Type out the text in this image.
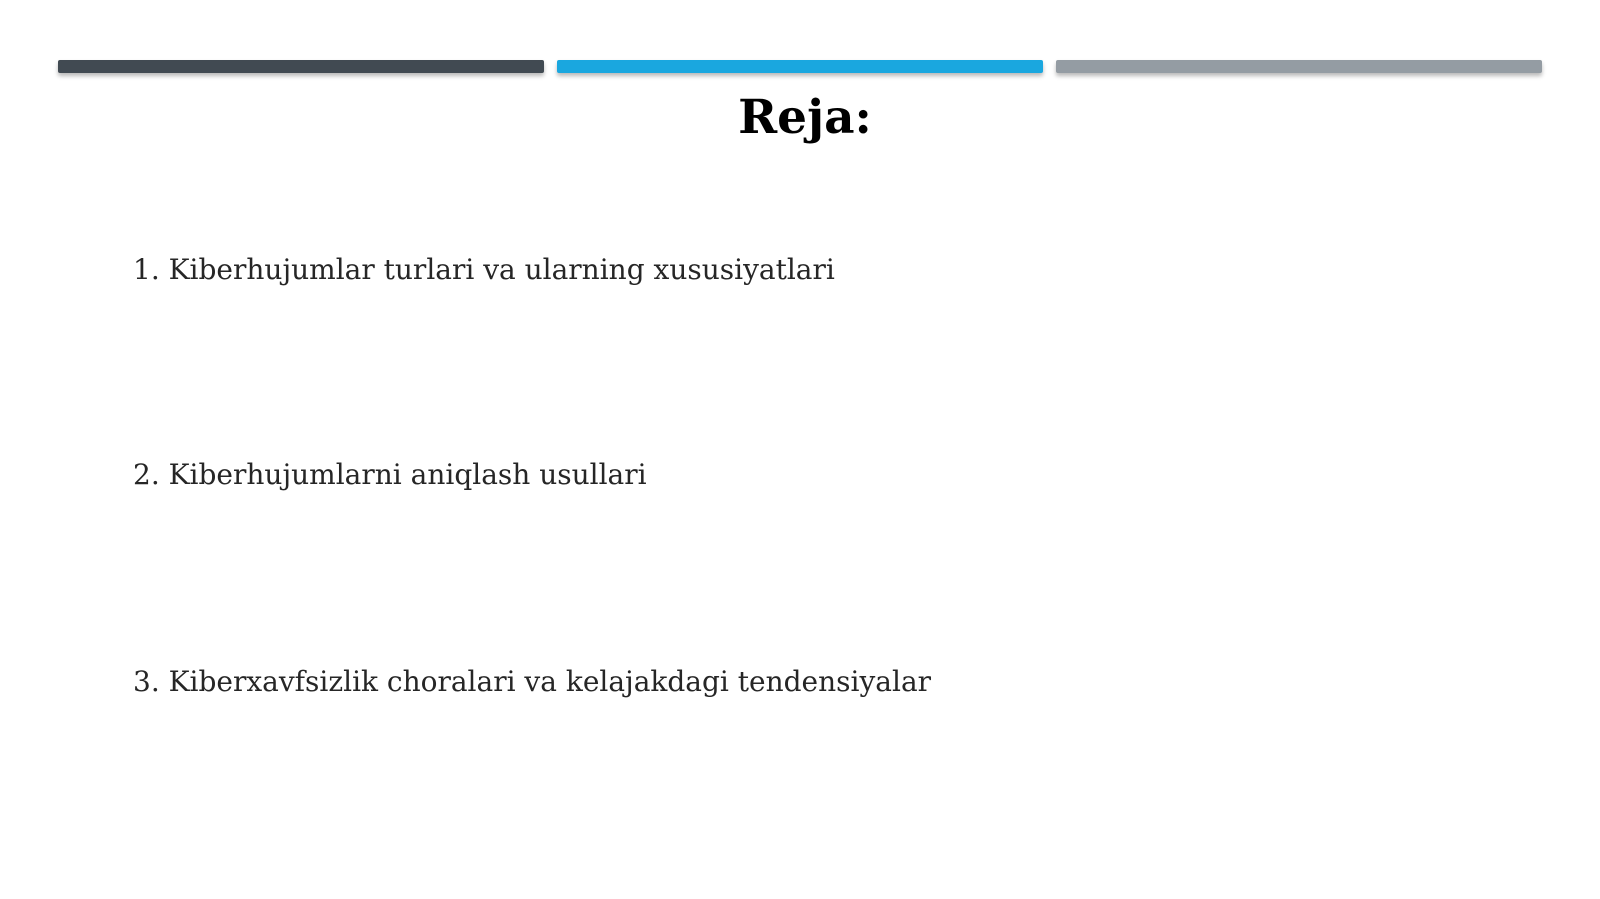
Reja:
1. Kiberhujumlar turlari va ularning xususiyatlari
2. Kiberhujumlarni aniqlash usullari
3. Kiberxavfsizlik choralari va kelajakdagi tendensiyalar
